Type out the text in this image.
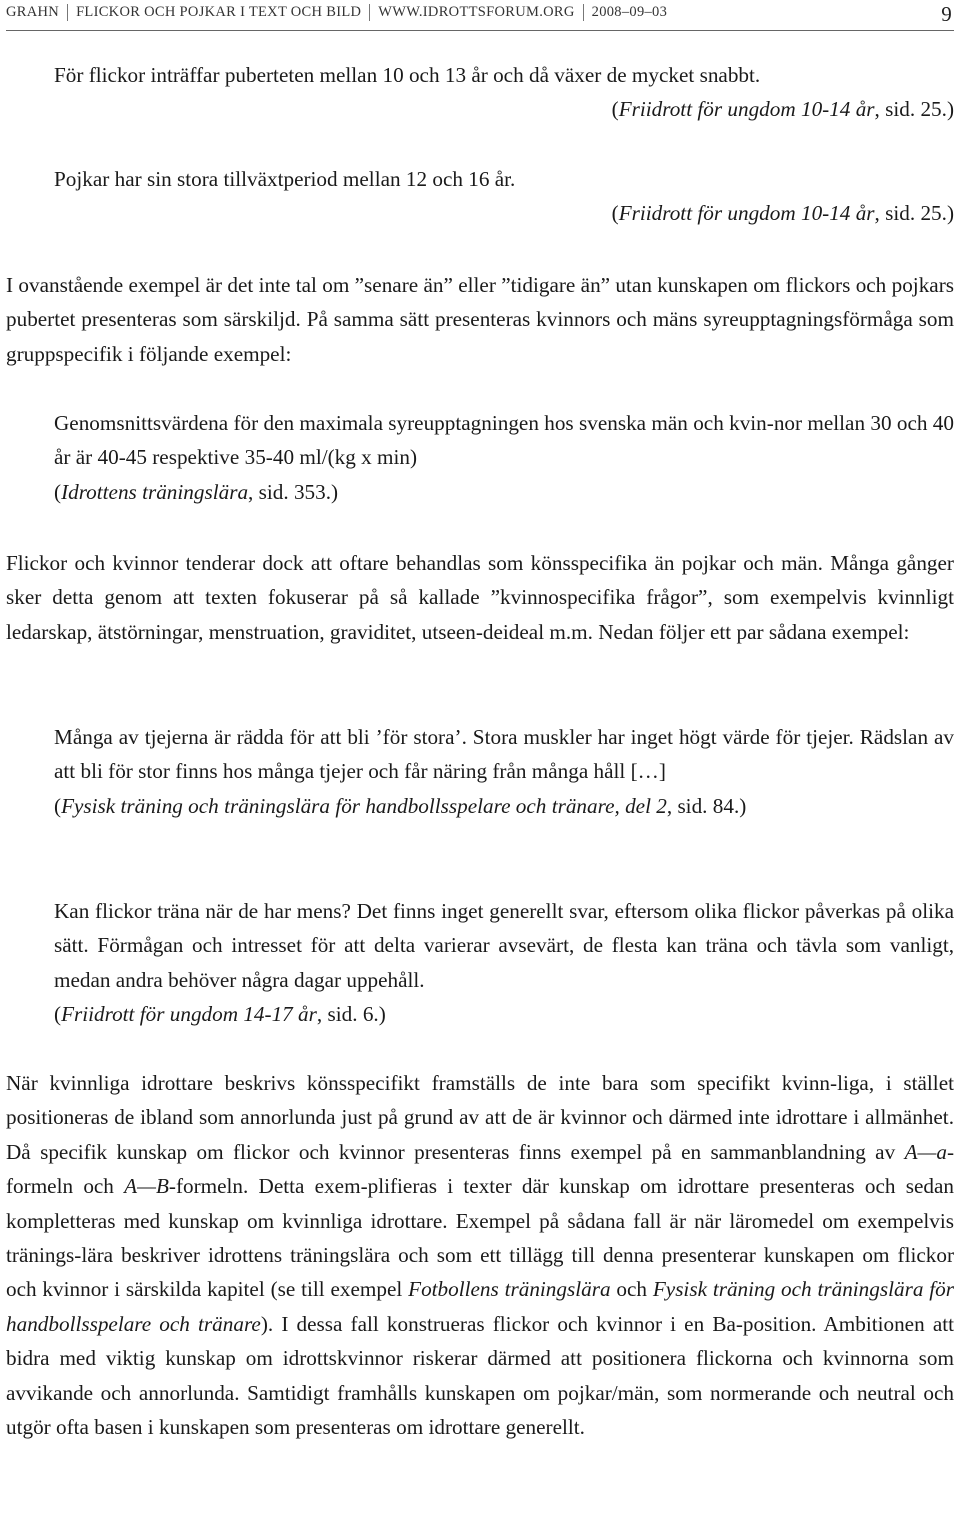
GRAHN FLICKOR OCH POJKAR I TEXT OCH BILD WWW.IDROTTSFORUM.ORG 2008–09–03	9

För flickor inträffar puberteten mellan 10 och 13 år och då växer de mycket snabbt.

(Friidrott för ungdom 10-14 år, sid. 25.)

Pojkar har sin stora tillväxtperiod mellan 12 och 16 år.

(Friidrott för ungdom 10-14 år, sid. 25.)

I ovanstående exempel är det inte tal om ”senare än” eller ”tidigare än” utan kunskapen om flickors och pojkars pubertet presenteras som särskiljd. På samma sätt presenteras kvinnors och mäns syreupptagningsförmåga som gruppspecifik i följande exempel:

Genomsnittsvärdena för den maximala syreupptagningen hos svenska män och kvin-nor mellan 30 och 40 år är 40-45 respektive 35-40 ml/(kg x min)

(Idrottens träningslära, sid. 353.)

Flickor och kvinnor tenderar dock att oftare behandlas som könsspecifika än pojkar och män. Många gånger sker detta genom att texten fokuserar på så kallade ”kvinnospecifika frågor”, som exempelvis kvinnligt ledarskap, ätstörningar, menstruation, graviditet, utseen-deideal m.m. Nedan följer ett par sådana exempel:

Många av tjejerna är rädda för att bli ’för stora’. Stora muskler har inget högt värde för tjejer. Rädslan av att bli för stor finns hos många tjejer och får näring från många håll […]

(Fysisk träning och träningslära för handbollsspelare och tränare, del 2, sid. 84.)

Kan flickor träna när de har mens? Det finns inget generellt svar, eftersom olika flickor påverkas på olika sätt. Förmågan och intresset för att delta varierar avsevärt, de flesta kan träna och tävla som vanligt, medan andra behöver några dagar uppehåll.

(Friidrott för ungdom 14-17 år, sid. 6.)

När kvinnliga idrottare beskrivs könsspecifikt framställs de inte bara som specifikt kvinn-liga, i stället positioneras de ibland som annorlunda just på grund av att de är kvinnor och därmed inte idrottare i allmänhet. Då specifik kunskap om flickor och kvinnor presenteras finns exempel på en sammanblandning av A—a-formeln och A—B-formeln. Detta exem-plifieras i texter där kunskap om idrottare presenteras och sedan kompletteras med kunskap om kvinnliga idrottare. Exempel på sådana fall är när läromedel om exempelvis tränings-lära beskriver idrottens träningslära och som ett tillägg till denna presenterar kunskapen om flickor och kvinnor i särskilda kapitel (se till exempel Fotbollens träningslära och Fysisk träning och träningslära för handbollsspelare och tränare). I dessa fall konstrueras flickor och kvinnor i en Ba-position. Ambitionen att bidra med viktig kunskap om idrottskvinnor riskerar därmed att positionera flickorna och kvinnorna som avvikande och annorlunda. Samtidigt framhålls kunskapen om pojkar/män, som normerande och neutral och utgör ofta basen i kunskapen som presenteras om idrottare generellt.
